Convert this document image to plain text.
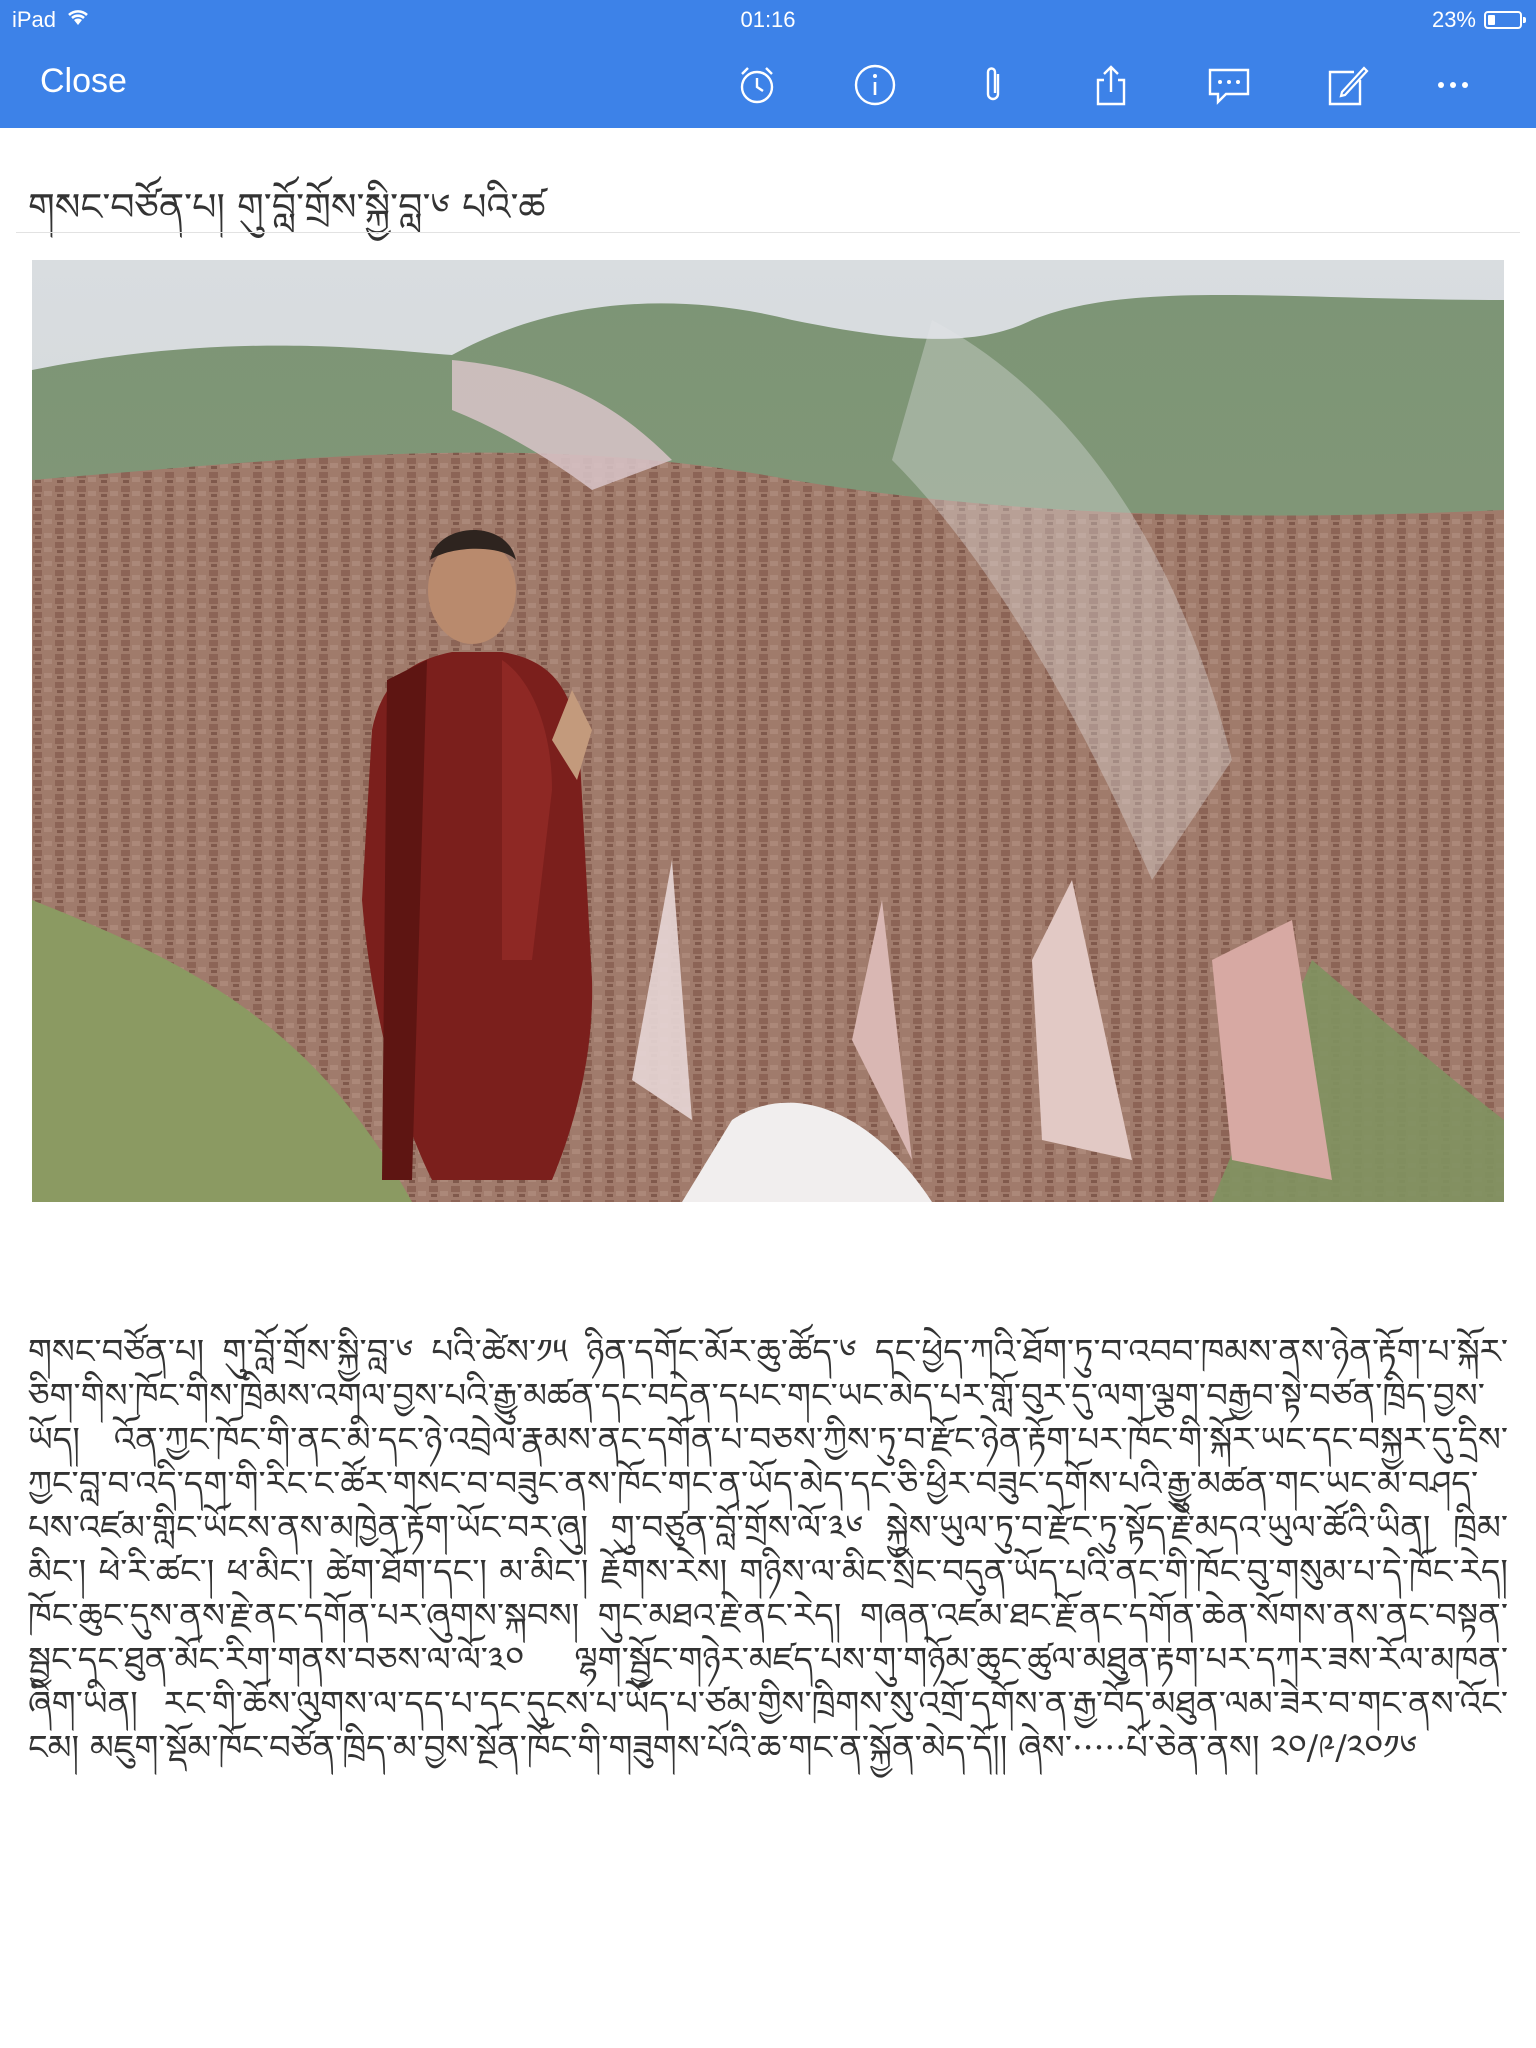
iPad	01:16	23%
Close
གསང་བཙོན་པ། གུ་བློ་གྲོས་སྐྱི་བླ་༦ པའི་ཚ
གསང་བཙོན་པ། གུ་བློ་གྲོས་སྐྱི་བླ་༦ པའི་ཚེས་༡༥ ཉིན་དགོང་མོར་ཆུ་ཚོད་༦ དང་ཕྱེད་ཀའི་ཐོག་ཏུ་བ་འབབ་ཁམས་ནས་ཉེན་རྟོག་པ་སྐོར་ཅིག་གིས་ཁོང་གིས་ཁྲིམས་འགལ་བྱས་པའི་རྒྱུ་མཚན་དང་བདེན་དཔང་གང་ཡང་མེད་པར་གློ་བུར་དུ་ལག་ལྕག་བརྒྱབ་སྟེ་བཙན་ཁྲིད་བྱས་ཡོད། འོན་ཀྱང་ཁོང་གི་ནང་མི་དང་ཉེ་འབྲེལ་རྣམས་ནང་དགོན་པ་བཅས་ཀྱིས་ཏུ་བ་རྫོང་ཉེན་རྟོག་པར་ཁོང་གི་སྐོར་ཡང་དང་བསྐྱར་དུ་དྲིས་ཀྱང་བླ་བ་འདི་དག་གི་རིང་ང་ཚོར་གསང་བ་བཟུང་ནས་ཁོང་གང་ན་ཡོད་མེད་དང་ཅི་ཕྱིར་བཟུང་དགོས་པའི་རྒྱུ་མཚན་གང་ཡང་མ་བཤད་པས་འཛམ་གླིང་ཡོངས་ནས་མཁྱེན་རྟོག་ཡོང་བར་ཞུ། གུ་བཙུན་བློ་གྲོས་ལོ་༣༦ སྐྱེས་ཡུལ་ཏུ་བ་རྫོང་ཏུ་སྟོད་རྗེ་མདའ་ཡུལ་ཚོའི་ཡིན། ཁྲིམ་མིང་། ཕེ་རི་ཚང་། ཕ་མིང་། ཚེག་ཐོག་དང་། མ་མིང་། རྗོགས་རེས། གཉིས་ལ་མིང་སྲིང་བདུན་ཡོད་པའི་ནང་གི་ཁོང་བུ་གསུམ་པ་དེ་ཁོང་རེད། ཁོང་ཆུང་དུས་ནས་རྗེ་ནང་དགོན་པར་ཞུགས་སྐབས། གུང་མཐའ་རྗེ་ནང་རེད། གཞན་འཛམ་ཐང་རྗོ་ནང་དགོན་ཆེན་སོགས་ནས་ནང་བསྟན་སྦྱང་དང་ཐུན་མོང་རིག་གནས་བཅས་ལ་ལོ་༣༠ ལྷག་སྦྱོང་གཉེར་མཛད་པས་གུ་གཉོམ་ཆུང་ཚུལ་མཐུན་རྟག་པར་དཀར་ཟས་རོལ་མཁན་ཞིག་ཡིན། རང་གི་ཆོས་ལུགས་ལ་དད་པ་དང་དུངས་པ་ཡོད་པ་ཙམ་གྱིས་ཁྲིགས་སུ་འགྲོ་དགོས་ན་རྒྱ་བོད་མཐུན་ལམ་ཟེར་བ་གང་ནས་འོང་ངམ། མཇུག་སྡོམ་ཁོང་བཙོན་ཁྲིད་མ་བྱས་སྔོན་ཁོང་གི་གཟུགས་པོའི་ཆ་གང་ན་སྐྱོན་མེད་དོ།། ཞེས་·····པོ་ཅེན་ནས། ༢༠/༩/༢༠༡༦
